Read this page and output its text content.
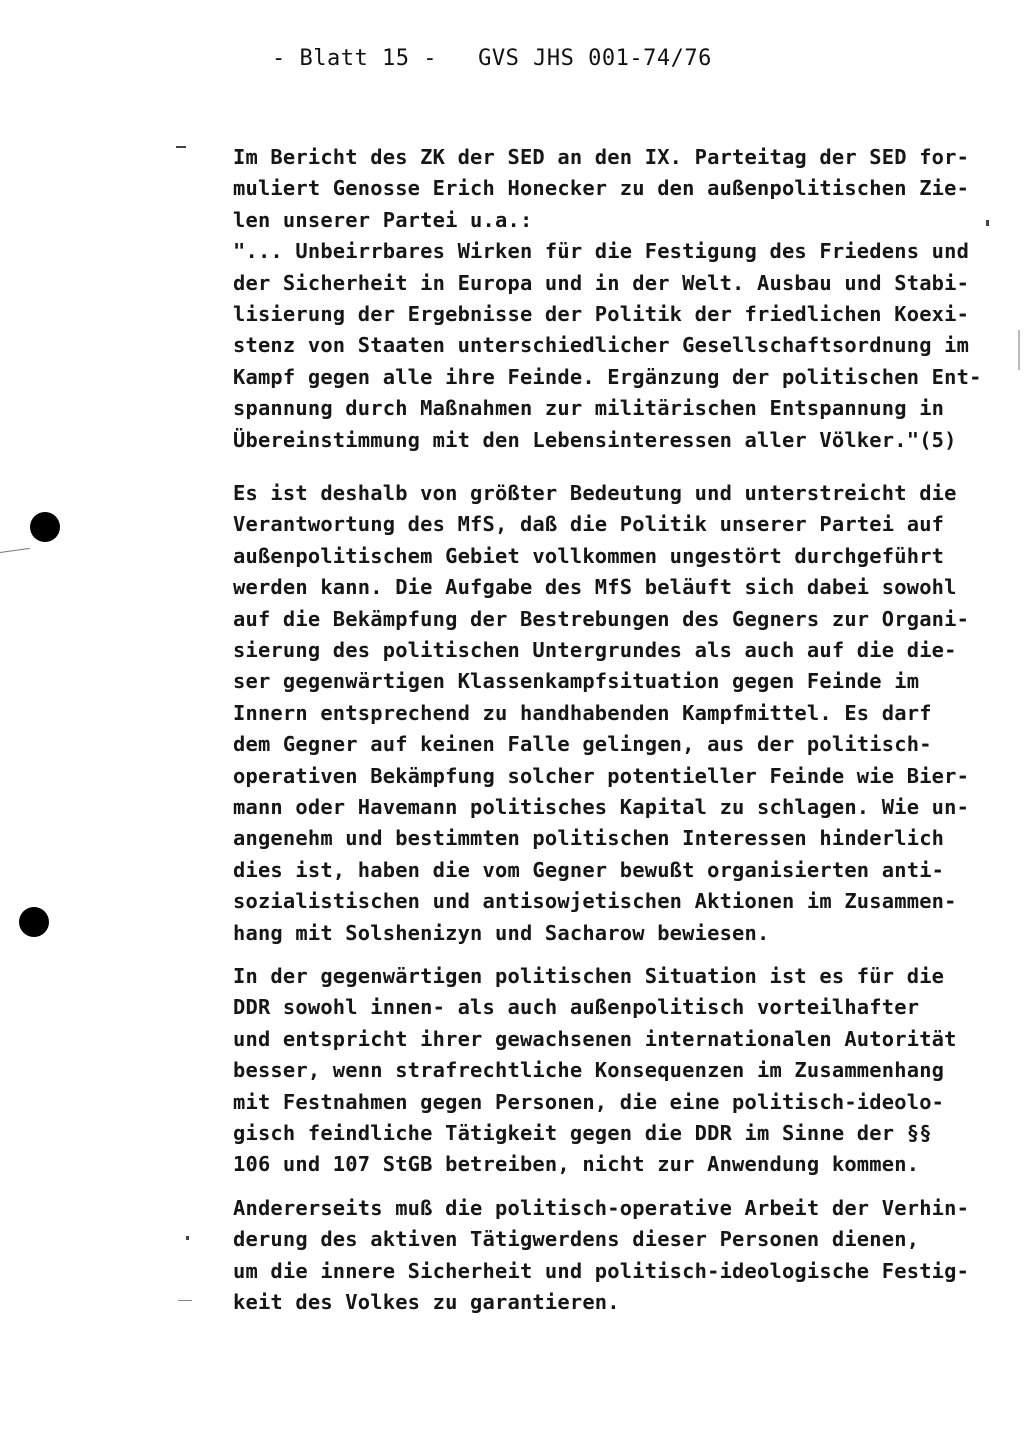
- Blatt 15 -   GVS JHS 001-74/76
Im Bericht des ZK der SED an den IX. Parteitag der SED for-
muliert Genosse Erich Honecker zu den außenpolitischen Zie-
len unserer Partei u.a.:
"... Unbeirrbares Wirken für die Festigung des Friedens und
der Sicherheit in Europa und in der Welt. Ausbau und Stabi-
lisierung der Ergebnisse der Politik der friedlichen Koexi-
stenz von Staaten unterschiedlicher Gesellschaftsordnung im
Kampf gegen alle ihre Feinde. Ergänzung der politischen Ent-
spannung durch Maßnahmen zur militärischen Entspannung in
Übereinstimmung mit den Lebensinteressen aller Völker."(5)
Es ist deshalb von größter Bedeutung und unterstreicht die
Verantwortung des MfS, daß die Politik unserer Partei auf
außenpolitischem Gebiet vollkommen ungestört durchgeführt
werden kann. Die Aufgabe des MfS beläuft sich dabei sowohl
auf die Bekämpfung der Bestrebungen des Gegners zur Organi-
sierung des politischen Untergrundes als auch auf die die-
ser gegenwärtigen Klassenkampfsituation gegen Feinde im
Innern entsprechend zu handhabenden Kampfmittel. Es darf
dem Gegner auf keinen Falle gelingen, aus der politisch-
operativen Bekämpfung solcher potentieller Feinde wie Bier-
mann oder Havemann politisches Kapital zu schlagen. Wie un-
angenehm und bestimmten politischen Interessen hinderlich
dies ist, haben die vom Gegner bewußt organisierten anti-
sozialistischen und antisowjetischen Aktionen im Zusammen-
hang mit Solshenizyn und Sacharow bewiesen.
In der gegenwärtigen politischen Situation ist es für die
DDR sowohl innen- als auch außenpolitisch vorteilhafter
und entspricht ihrer gewachsenen internationalen Autorität
besser, wenn strafrechtliche Konsequenzen im Zusammenhang
mit Festnahmen gegen Personen, die eine politisch-ideolo-
gisch feindliche Tätigkeit gegen die DDR im Sinne der §§
106 und 107 StGB betreiben, nicht zur Anwendung kommen.
Andererseits muß die politisch-operative Arbeit der Verhin-
derung des aktiven Tätigwerdens dieser Personen dienen,
um die innere Sicherheit und politisch-ideologische Festig-
keit des Volkes zu garantieren.
